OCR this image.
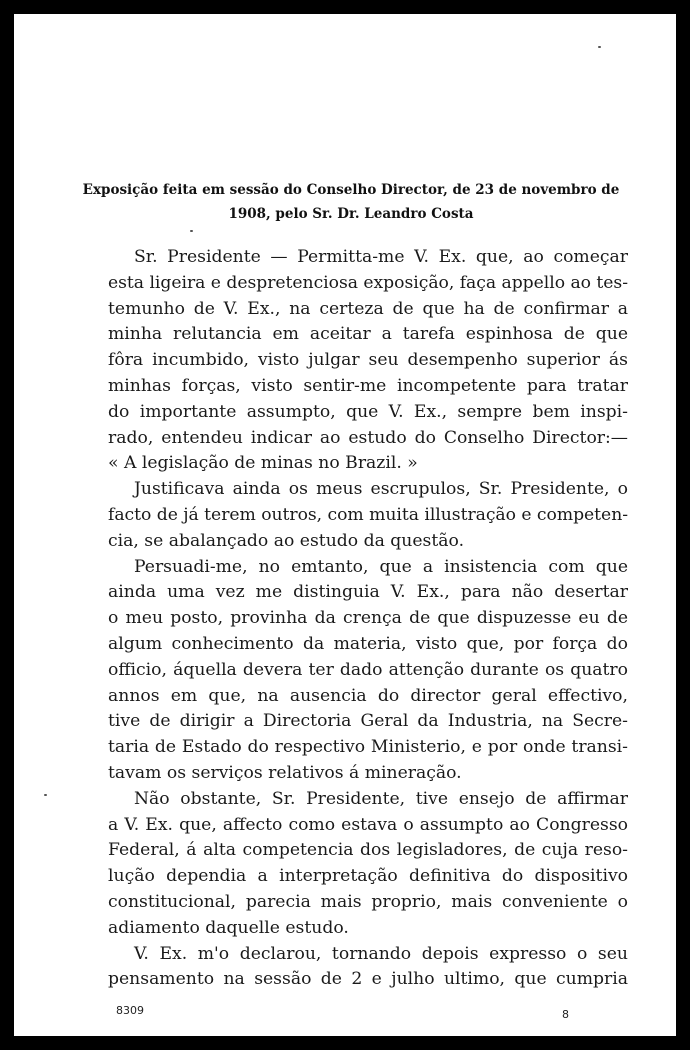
Exposição feita em sessão do Conselho Director, de 23 de novembro de
1908, pelo Sr. Dr. Leandro Costa

Sr. Presidente — Permitta-me V. Ex. que, ao começar

esta ligeira e despretenciosa exposição, faça appello ao tes-

temunho de V. Ex., na certeza de que ha de confirmar a

minha relutancia em aceitar a tarefa espinhosa de que

fôra incumbido, visto julgar seu desempenho superior ás

minhas forças, visto sentir-me incompetente para tratar

do importante assumpto, que V. Ex., sempre bem inspi-

rado, entendeu indicar ao estudo do Conselho Director:—

« A legislação de minas no Brazil. »

Justificava ainda os meus escrupulos, Sr. Presidente, o

facto de já terem outros, com muita illustração e competen-

cia, se abalançado ao estudo da questão.

Persuadi-me, no emtanto, que a insistencia com que

ainda uma vez me distinguia V. Ex., para não desertar

o meu posto, provinha da crença de que dispuzesse eu de

algum conhecimento da materia, visto que, por força do

officio, áquella devera ter dado attenção durante os quatro

annos em que, na ausencia do director geral effectivo,

tive de dirigir a Directoria Geral da Industria, na Secre-

taria de Estado do respectivo Ministerio, e por onde transi-

tavam os serviços relativos á mineração.

Não obstante, Sr. Presidente, tive ensejo de affirmar

a V. Ex. que, affecto como estava o assumpto ao Congresso

Federal, á alta competencia dos legisladores, de cuja reso-

lução dependia a interpretação definitiva do dispositivo

constitucional, parecia mais proprio, mais conveniente o

adiamento daquelle estudo.

V. Ex. m'o declarou, tornando depois expresso o seu

pensamento na sessão de 2 e julho ultimo, que cumpria

8309	8
